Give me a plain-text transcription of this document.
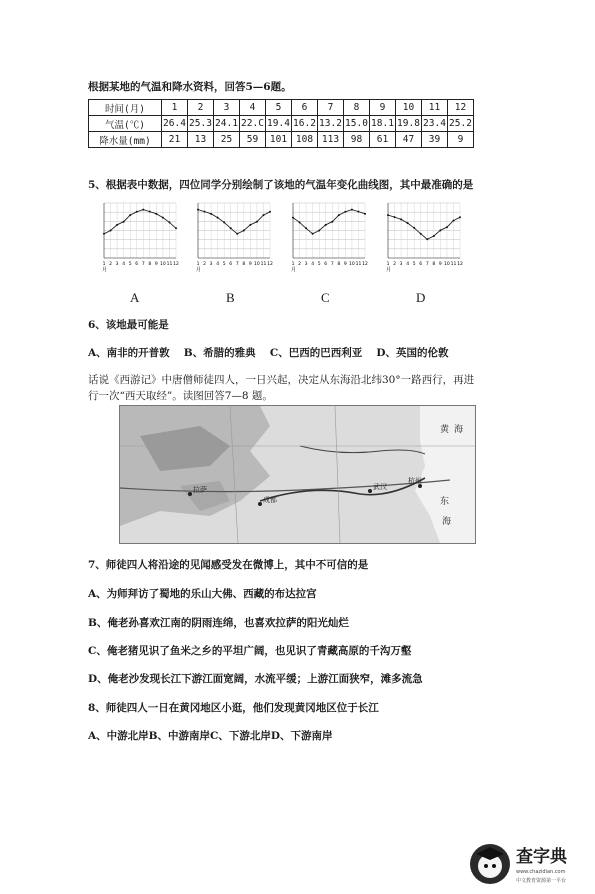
根据某地的气温和降水资料，回答5—6题。
时间(月)	1	2	3	4	5	6	7	8	9	10	11	12
气温(℃)	26.4	25.3	24.1	22.C	19.4	16.2	13.2	15.0	18.1	19.8	23.4	25.2
降水量(mm)	21	13	25	59	101	108	113	98	61	47	39	9
5、根据表中数据，四位同学分别绘制了该地的气温年变化曲线图，其中最准确的是
1 2 3 4 5 6 7 8 9 10 11 12
月
1 2 3 4 5 6 7 8 9 10 11 12
月
1 2 3 4 5 6 7 8 9 10 11 12
月
1 2 3 4 5 6 7 8 9 10 11 12
月
A	B	C	D
6、该地最可能是
A、南非的开普敦　 B、希腊的雅典　 C、巴西的巴西利亚　 D、英国的伦敦
话说《西游记》中唐僧师徒四人，一日兴起，决定从东海沿北纬30°一路西行，再进
行一次“西天取经”。读图回答7—8 题。
黄 海
东
海
成都
武汉
杭州
拉萨
7、师徒四人将沿途的见闻感受发在微博上，其中不可信的是
A、为师拜访了蜀地的乐山大佛、西藏的布达拉宫
B、俺老孙喜欢江南的阴雨连绵，也喜欢拉萨的阳光灿烂
C、俺老猪见识了鱼米之乡的平坦广阔，也见识了青藏高原的千沟万壑
D、俺老沙发现长江下游江面宽阔，水流平缓；上游江面狭窄，滩多流急
8、师徒四人一日在黄冈地区小逛，他们发现黄冈地区位于长江
A、中游北岸B、中游南岸C、下游北岸D、下游南岸
查字典
www.chazidian.com
中文教育资源第一平台
